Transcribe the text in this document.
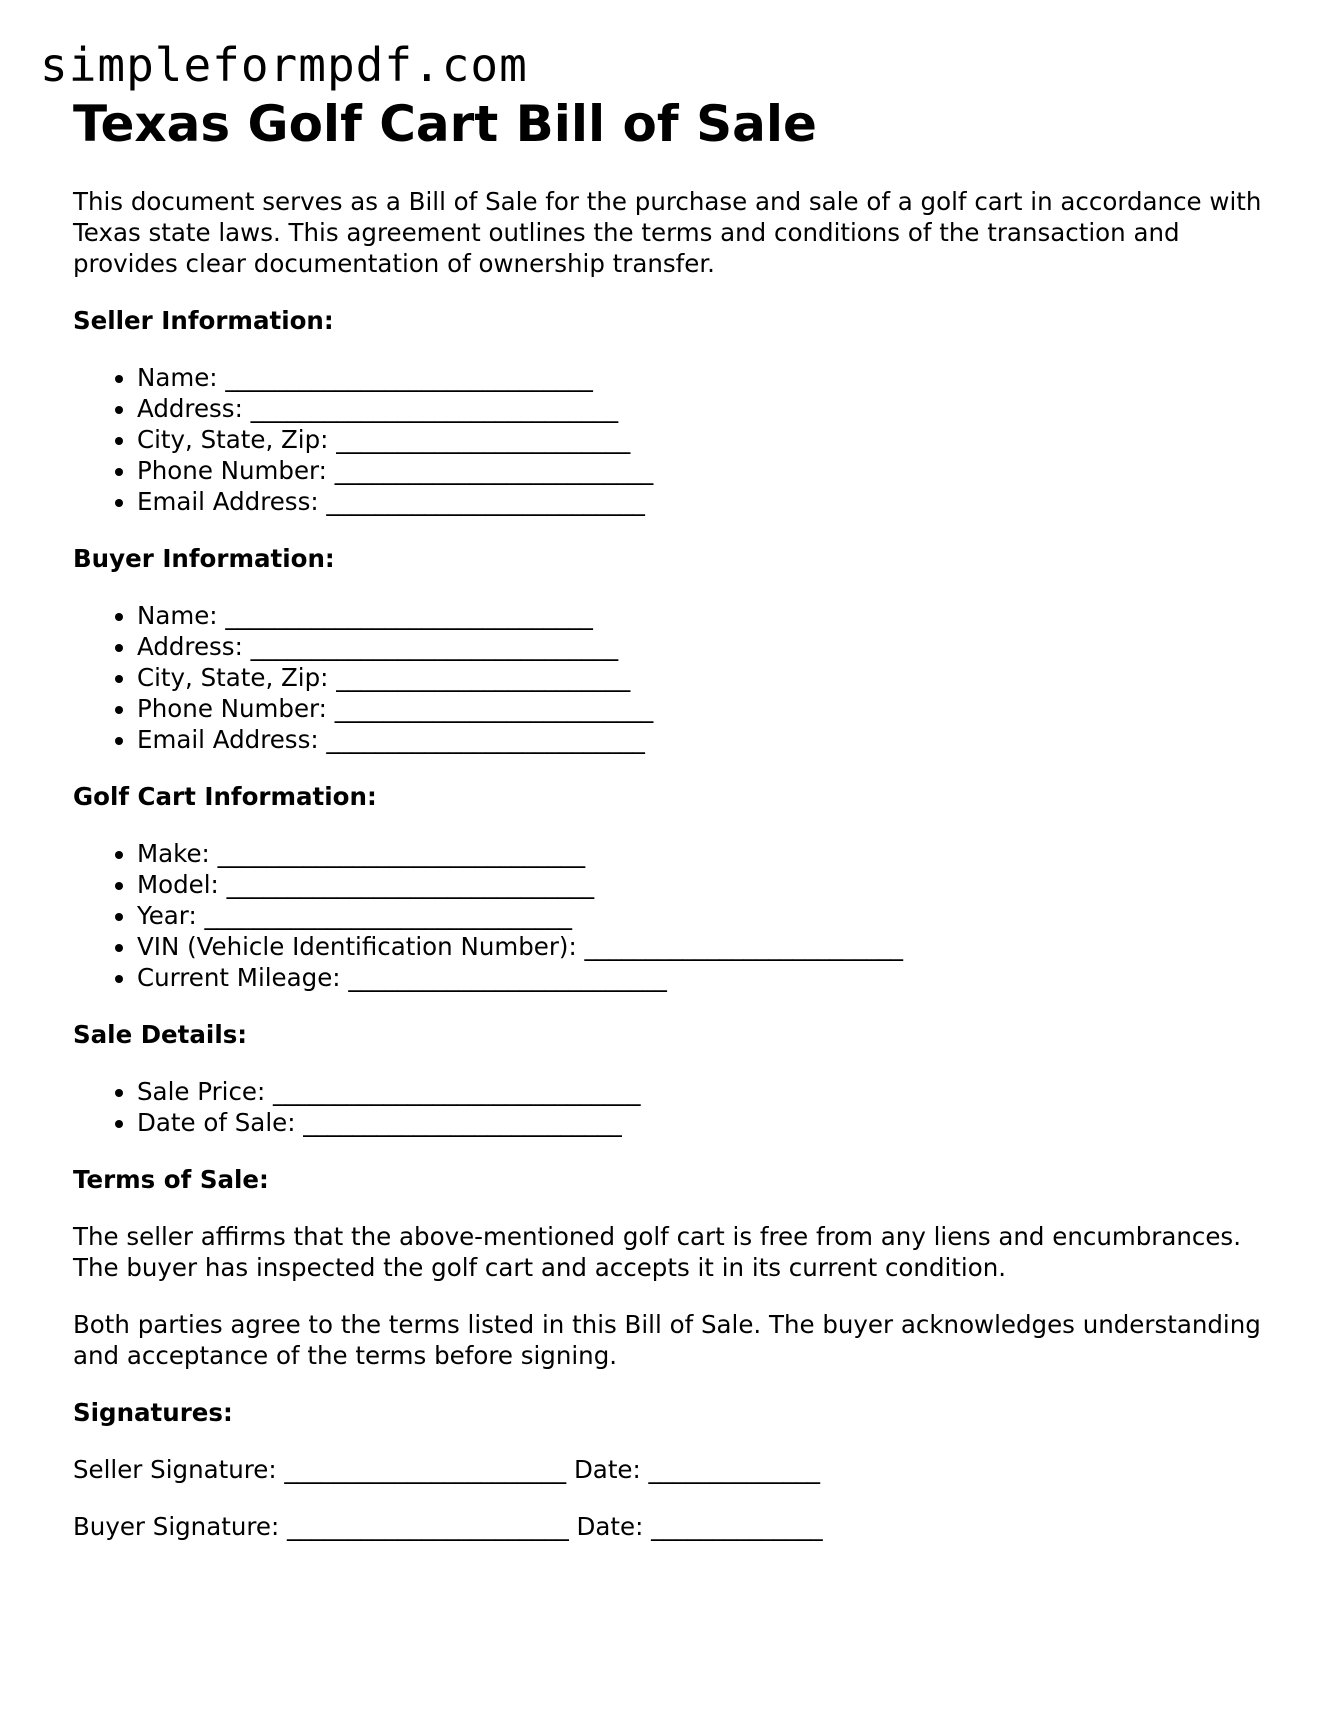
simpleformpdf.com
Texas Golf Cart Bill of Sale
This document serves as a Bill of Sale for the purchase and sale of a golf cart in accordance with Texas state laws. This agreement outlines the terms and conditions of the transaction and provides clear documentation of ownership transfer.
Seller Information:
• Name: ______________________________
• Address: ______________________________
• City, State, Zip: ________________________
• Phone Number: __________________________
• Email Address: __________________________
Buyer Information:
• Name: ______________________________
• Address: ______________________________
• City, State, Zip: ________________________
• Phone Number: __________________________
• Email Address: __________________________
Golf Cart Information:
• Make: ______________________________
• Model: ______________________________
• Year: ______________________________
• VIN (Vehicle Identification Number): __________________________
• Current Mileage: __________________________
Sale Details:
• Sale Price: ______________________________
• Date of Sale: __________________________
Terms of Sale:

The seller affirms that the above-mentioned golf cart is free from any liens and encumbrances. The buyer has inspected the golf cart and accepts it in its current condition.

Both parties agree to the terms listed in this Bill of Sale. The buyer acknowledges understanding and acceptance of the terms before signing.

Signatures:
Seller Signature: _______________________ Date: ______________
Buyer Signature: _______________________ Date: ______________
